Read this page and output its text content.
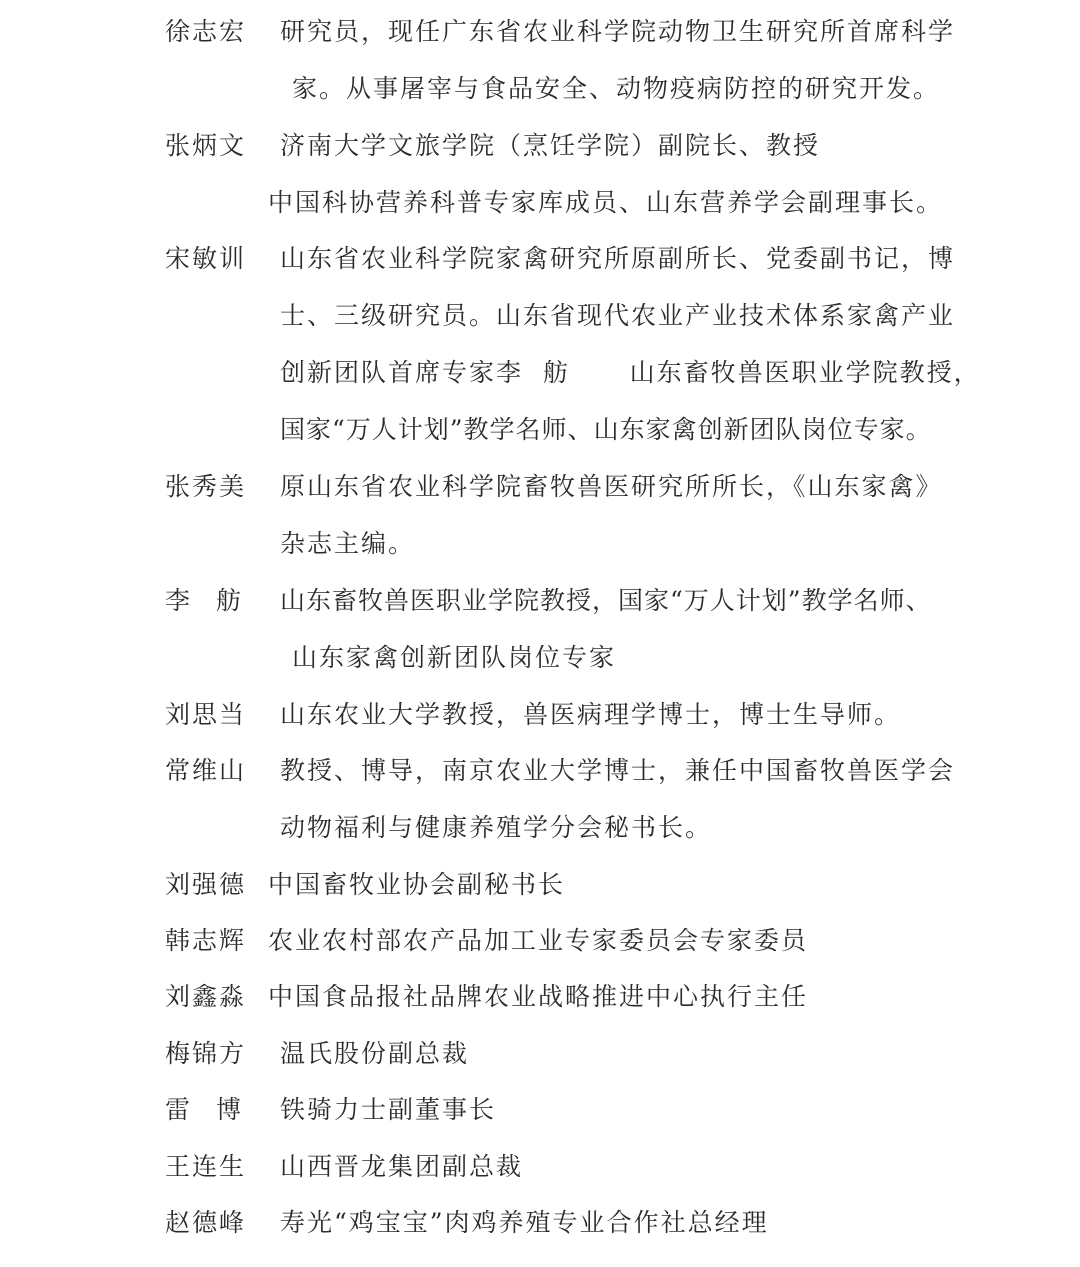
徐志宏 研究员，现任广东省农业科学院动物卫生研究所首席科学
家。从事屠宰与食品安全、动物疫病防控的研究开发。
张炳文 济南大学文旅学院（烹饪学院）副院长、教授
中国科协营养科普专家库成员、山东营养学会副理事长。
宋敏训 山东省农业科学院家禽研究所原副所长、党委副书记，博
士、三级研究员。山东省现代农业产业技术体系家禽产业
创新团队首席专家李  舫      山东畜牧兽医职业学院教授，
国家“万人计划”教学名师、山东家禽创新团队岗位专家。
张秀美 原山东省农业科学院畜牧兽医研究所所长，《山东家禽》
杂志主编。
李 舫 山东畜牧兽医职业学院教授，国家“万人计划”教学名师、
山东家禽创新团队岗位专家
刘思当 山东农业大学教授，兽医病理学博士，博士生导师。
常维山 教授、博导，南京农业大学博士，兼任中国畜牧兽医学会
动物福利与健康养殖学分会秘书长。
刘强德 中国畜牧业协会副秘书长
韩志辉 农业农村部农产品加工业专家委员会专家委员
刘鑫淼 中国食品报社品牌农业战略推进中心执行主任
梅锦方 温氏股份副总裁
雷 博 铁骑力士副董事长
王连生 山西晋龙集团副总裁
赵德峰 寿光“鸡宝宝”肉鸡养殖专业合作社总经理
